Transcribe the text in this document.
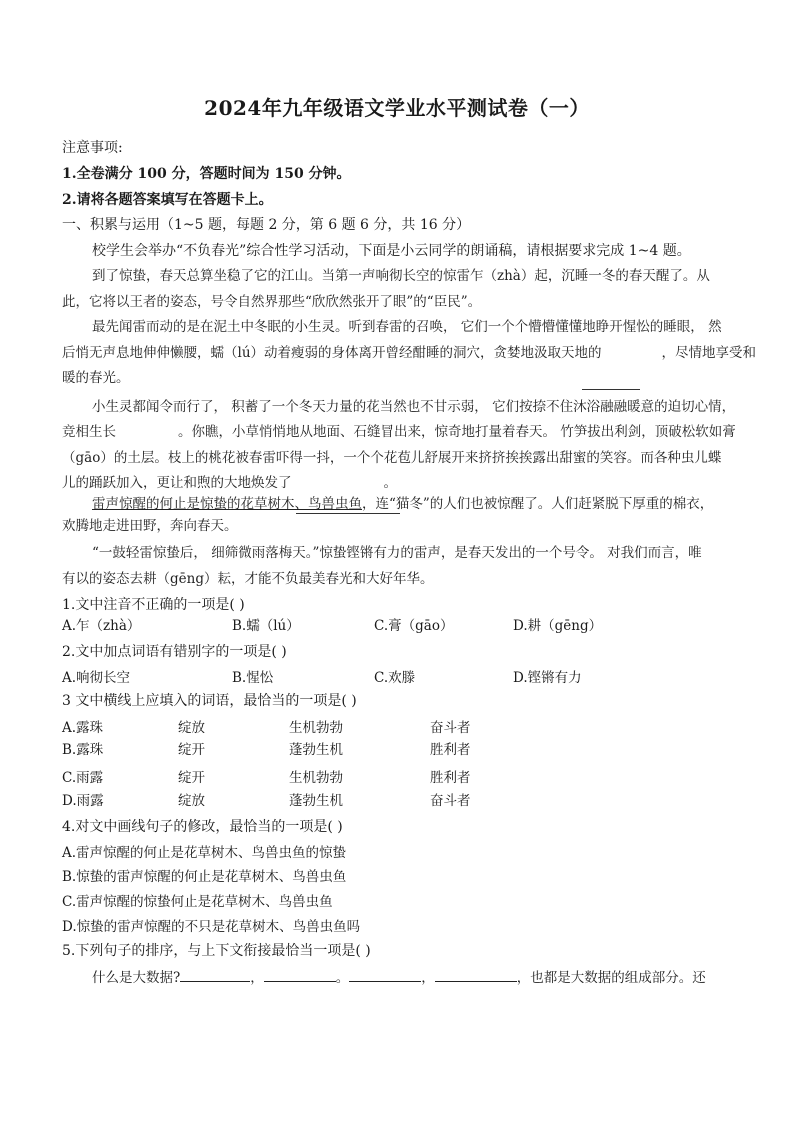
2024年九年级语文学业水平测试卷（一）
注意事项:
1.全卷满分 100 分，答题时间为 150 分钟。
2.请将各题答案填写在答题卡上。
一、积累与运用（1~5 题，每题 2 分，第 6 题 6 分，共 16 分）
校学生会举办“不负春光”综合性学习活动，下面是小云同学的朗诵稿，请根据要求完成 1~4 题。
到了惊蛰，春天总算坐稳了它的江山。当第一声响彻长空的惊雷乍（zhà）起，沉睡一冬的春天醒了。从
此，它将以王者的姿态，号令自然界那些“欣欣然张开了眼”的“臣民”。
最先闻雷而动的是在泥土中冬眠的小生灵。听到春雷的召唤， 它们一个个懵懵懂懂地睁开惺忪的睡眼， 然
后悄无声息地伸伸懒腰，蠕（lú）动着瘦弱的身体离开曾经酣睡的洞穴，贪婪地汲取天地的	，尽情地享受和
暖的春光。
小生灵都闻令而行了， 积蓄了一个冬天力量的花当然也不甘示弱， 它们按捺不住沐浴融融暖意的迫切心情，
竞相生长	。你瞧，小草悄悄地从地面、石缝冒出来，惊奇地打量着春天。 竹笋拔出利剑，顶破松软如膏
（gāo）的土层。枝上的桃花被春雷吓得一抖，一个个花苞儿舒展开来挤挤挨挨露出甜蜜的笑容。而各种虫儿蝶
儿的踊跃加入，更让和煦的大地焕发了	。
雷声惊醒的何止是惊蛰的花草树木、鸟兽虫鱼，连“猫冬”的人们也被惊醒了。人们赶紧脱下厚重的棉衣，
欢腾地走进田野，奔向春天。
“一鼓轻雷惊蛰后， 细筛微雨落梅天。”惊蛰铿锵有力的雷声，是春天发出的一个号令。 对我们而言，唯
有以的姿态去耕（gēng）耘，才能不负最美春光和大好年华。
1.文中注音不正确的一项是( )
A.乍（zhà）	B.蠕（lú）	C.膏（gāo）	D.耕（gēng）
2.文中加点词语有错别字的一项是( )
A.响彻长空	B.惺忪	C.欢滕	D.铿锵有力
3 文中横线上应填入的词语，最恰当的一项是( )
A.露珠	绽放	生机勃勃	奋斗者
B.露珠	绽开	蓬勃生机	胜利者
C.雨露	绽开	生机勃勃	胜利者
D.雨露	绽放	蓬勃生机	奋斗者
4.对文中画线句子的修改，最恰当的一项是( )
A.雷声惊醒的何止是花草树木、鸟兽虫鱼的惊蛰
B.惊蛰的雷声惊醒的何止是花草树木、鸟兽虫鱼
C.雷声惊醒的惊蛰何止是花草树木、鸟兽虫鱼
D.惊蛰的雷声惊醒的不只是花草树木、鸟兽虫鱼吗
5.下列句子的排序，与上下文衔接最恰当一项是( )
什么是大数据?	，	。	，	，也都是大数据的组成部分。还
